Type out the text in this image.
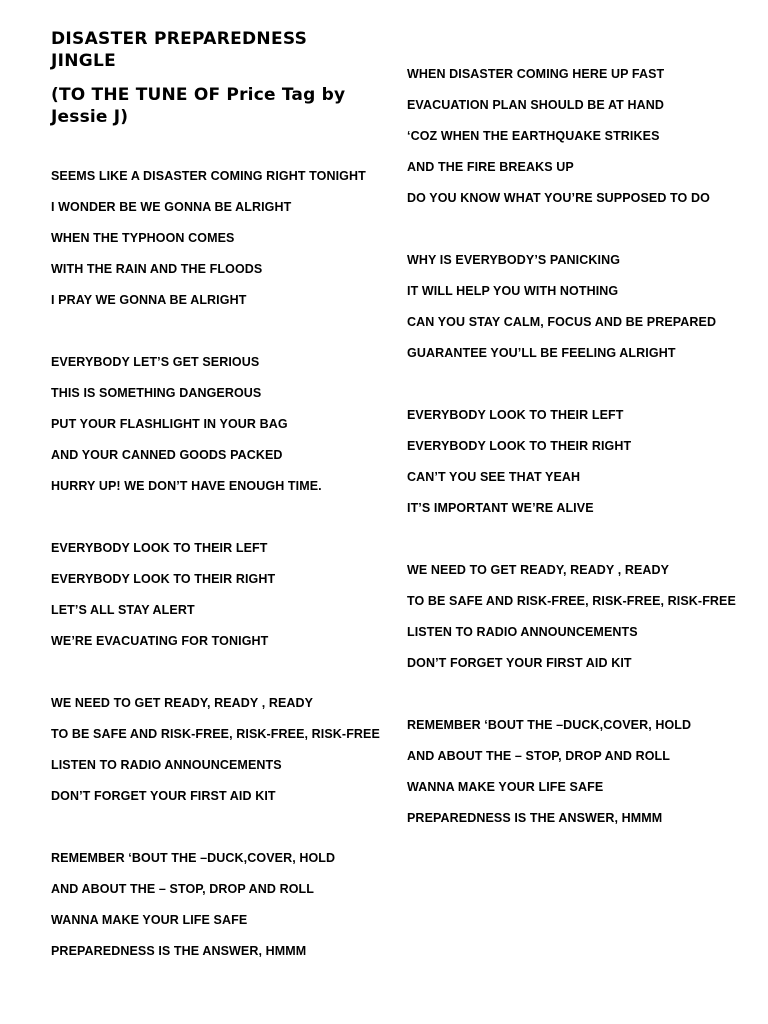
DISASTER PREPAREDNESS JINGLE
(TO THE TUNE OF Price Tag by Jessie J)
SEEMS LIKE A DISASTER COMING RIGHT TONIGHT
I WONDER BE WE GONNA BE ALRIGHT
WHEN THE TYPHOON COMES
WITH THE RAIN AND THE FLOODS
I PRAY WE GONNA BE ALRIGHT
EVERYBODY LET’S GET SERIOUS
THIS IS SOMETHING DANGEROUS
PUT YOUR FLASHLIGHT IN YOUR BAG
AND YOUR CANNED GOODS PACKED
HURRY UP! WE DON’T HAVE ENOUGH TIME.
EVERYBODY LOOK TO THEIR LEFT
EVERYBODY LOOK TO THEIR RIGHT
LET’S ALL STAY ALERT
WE’RE EVACUATING FOR TONIGHT
WE NEED TO GET READY, READY , READY
TO BE SAFE AND RISK-FREE, RISK-FREE, RISK-FREE
LISTEN TO RADIO ANNOUNCEMENTS
DON’T FORGET YOUR FIRST AID KIT
REMEMBER ‘BOUT THE –DUCK,COVER, HOLD
AND ABOUT THE – STOP, DROP AND ROLL
WANNA MAKE YOUR LIFE SAFE
PREPAREDNESS IS THE ANSWER, HMMM
WHEN DISASTER COMING HERE UP FAST
EVACUATION PLAN SHOULD BE AT HAND
‘COZ WHEN THE EARTHQUAKE STRIKES
AND THE FIRE BREAKS UP
DO YOU KNOW WHAT YOU’RE SUPPOSED TO DO
WHY IS EVERYBODY’S PANICKING
IT WILL HELP YOU WITH NOTHING
CAN YOU STAY CALM, FOCUS AND BE PREPARED
GUARANTEE YOU’LL BE FEELING ALRIGHT
EVERYBODY LOOK TO THEIR LEFT
EVERYBODY LOOK TO THEIR RIGHT
CAN’T YOU SEE THAT YEAH
IT’S IMPORTANT WE’RE ALIVE
WE NEED TO GET READY, READY , READY
TO BE SAFE AND RISK-FREE, RISK-FREE, RISK-FREE
LISTEN TO RADIO ANNOUNCEMENTS
DON’T FORGET YOUR FIRST AID KIT
REMEMBER ‘BOUT THE –DUCK,COVER, HOLD
AND ABOUT THE – STOP, DROP AND ROLL
WANNA MAKE YOUR LIFE SAFE
PREPAREDNESS IS THE ANSWER, HMMM
